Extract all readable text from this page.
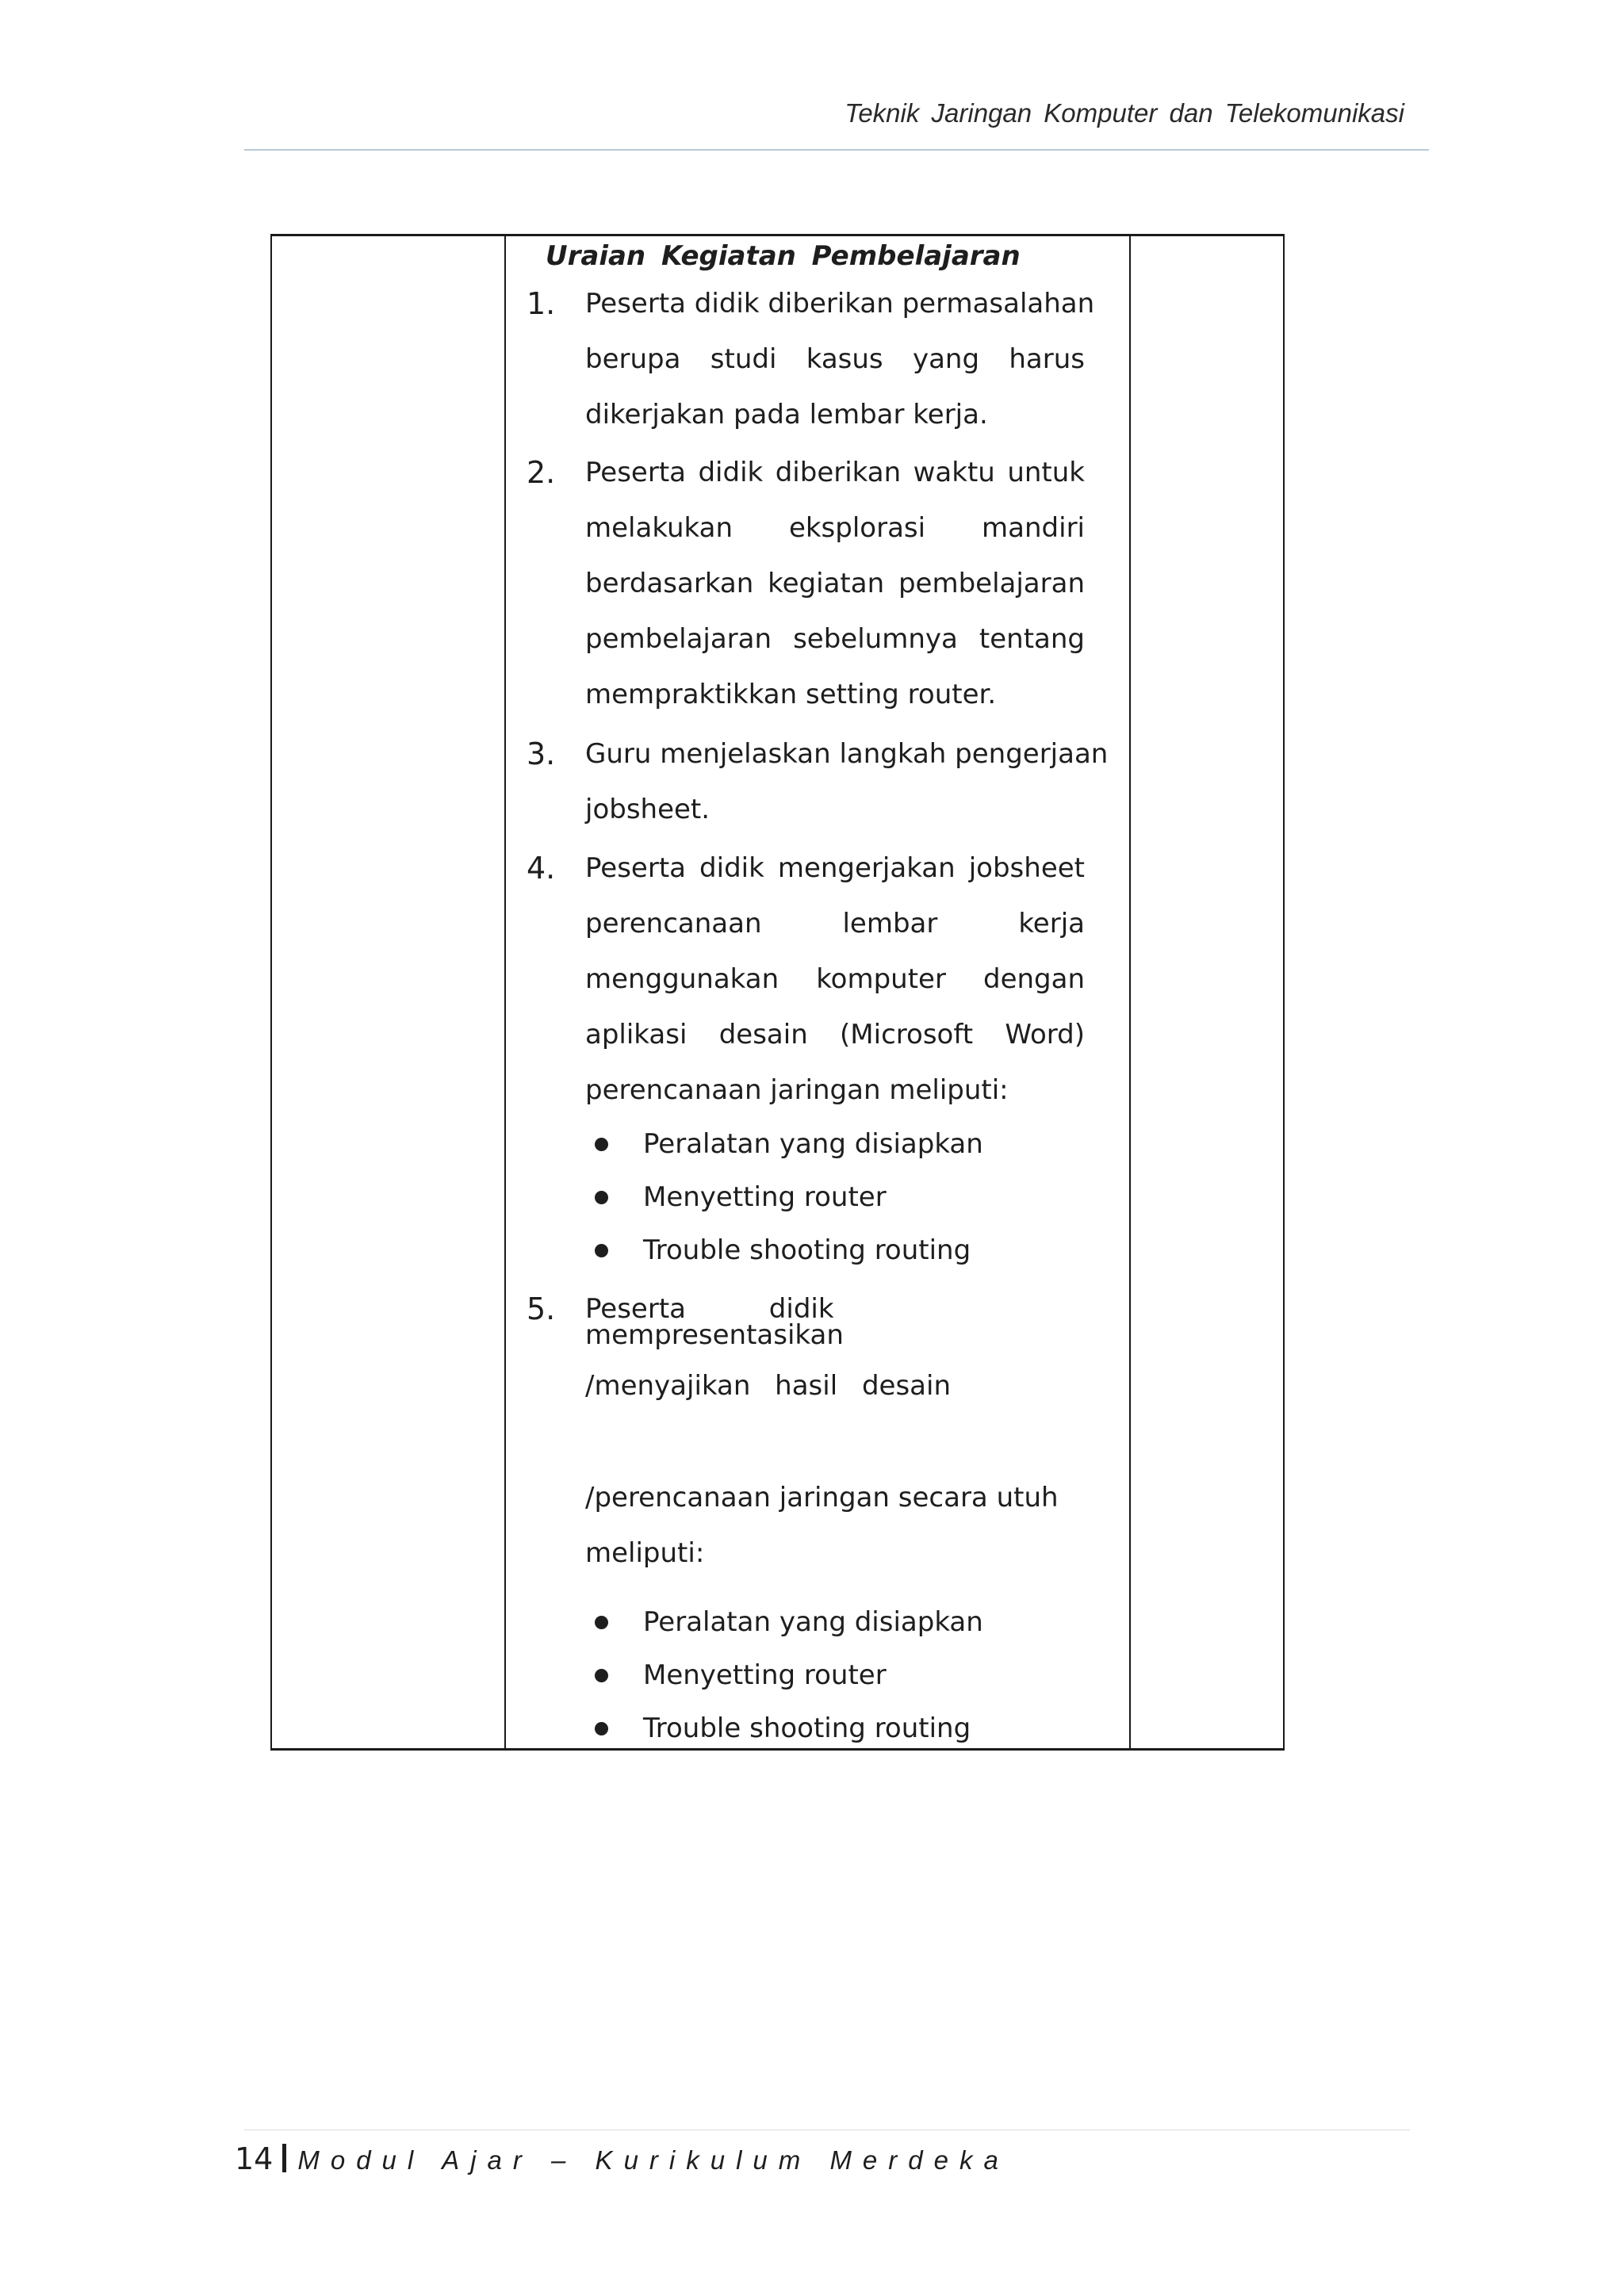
Teknik Jaringan Komputer dan Telekomunikasi
Uraian Kegiatan Pembelajaran
1. Peserta didik diberikan permasalahan
berupa studi kasus yang harus
dikerjakan pada lembar kerja.
2. Peserta didik diberikan waktu untuk
melakukan eksplorasi mandiri
berdasarkan kegiatan pembelajaran
pembelajaran sebelumnya tentang
mempraktikkan setting router.
3. Guru menjelaskan langkah pengerjaan
jobsheet.
4. Peserta didik mengerjakan jobsheet
perencanaan lembar kerja
menggunakan komputer dengan
aplikasi desain (Microsoft Word)
perencanaan jaringan meliputi:
Peralatan yang disiapkan
Menyetting router
Trouble shooting routing
5. Peserta didik
mempresentasikan
/menyajikan hasil desain
/perencanaan jaringan secara utuh
meliputi:
Peralatan yang disiapkan
Menyetting router
Trouble shooting routing
14 Modul Ajar – Kurikulum Merdeka
